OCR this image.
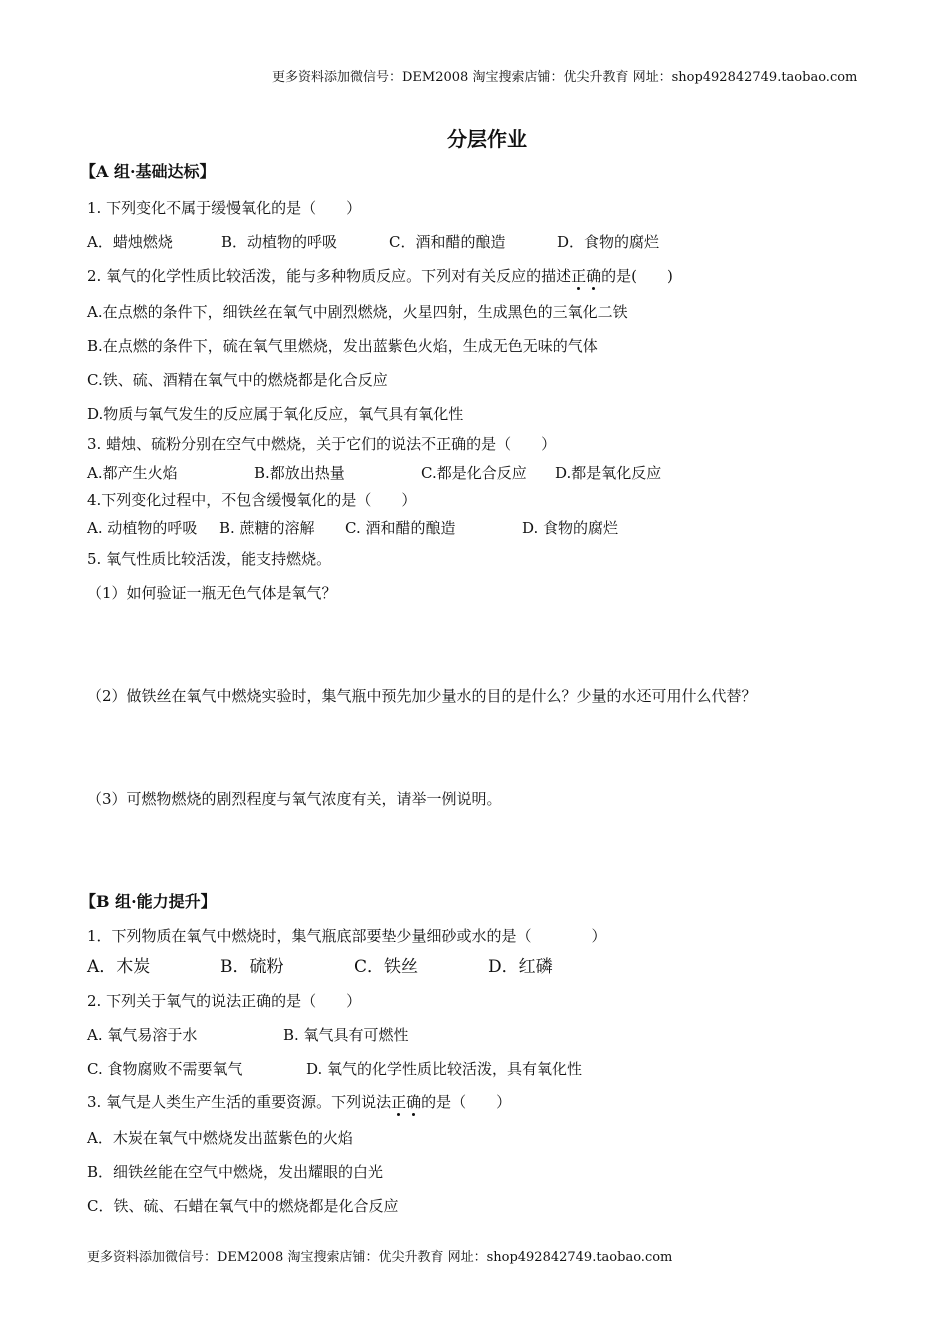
更多资料添加微信号：DEM2008 淘宝搜索店铺：优尖升教育 网址：shop492842749.taobao.com
分层作业
【A 组·基础达标】
1. 下列变化不属于缓慢氧化的是（　　）
A．蜡烛燃烧	B．动植物的呼吸	C．酒和醋的酿造	D．食物的腐烂
2. 氧气的化学性质比较活泼，能与多种物质反应。下列对有关反应的描述正确的是(　　)
A.在点燃的条件下，细铁丝在氧气中剧烈燃烧，火星四射，生成黑色的三氧化二铁
B.在点燃的条件下，硫在氧气里燃烧，发出蓝紫色火焰，生成无色无味的气体
C.铁、硫、酒精在氧气中的燃烧都是化合反应
D.物质与氧气发生的反应属于氧化反应，氧气具有氧化性
3. 蜡烛、硫粉分别在空气中燃烧，关于它们的说法不正确的是（　　）
A.都产生火焰	B.都放出热量	C.都是化合反应 D.都是氧化反应
4.下列变化过程中，不包含缓慢氧化的是（　　）
A. 动植物的呼吸 B. 蔗糖的溶解 C. 酒和醋的酿造	D. 食物的腐烂
5. 氧气性质比较活泼，能支持燃烧。
（1）如何验证一瓶无色气体是氧气？
（2）做铁丝在氧气中燃烧实验时，集气瓶中预先加少量水的目的是什么？少量的水还可用什么代替？
（3）可燃物燃烧的剧烈程度与氧气浓度有关，请举一例说明。
【B 组·能力提升】
1．下列物质在氧气中燃烧时，集气瓶底部要垫少量细砂或水的是（　　　　）
A．木炭	B．硫粉	C．铁丝	D．红磷
2. 下列关于氧气的说法正确的是（　　）
A. 氧气易溶于水	B. 氧气具有可燃性
C. 食物腐败不需要氧气	D. 氧气的化学性质比较活泼，具有氧化性
3. 氧气是人类生产生活的重要资源。下列说法正确的是（　　）
A．木炭在氧气中燃烧发出蓝紫色的火焰
B．细铁丝能在空气中燃烧，发出耀眼的白光
C．铁、硫、石蜡在氧气中的燃烧都是化合反应
更多资料添加微信号：DEM2008 淘宝搜索店铺：优尖升教育 网址：shop492842749.taobao.com
